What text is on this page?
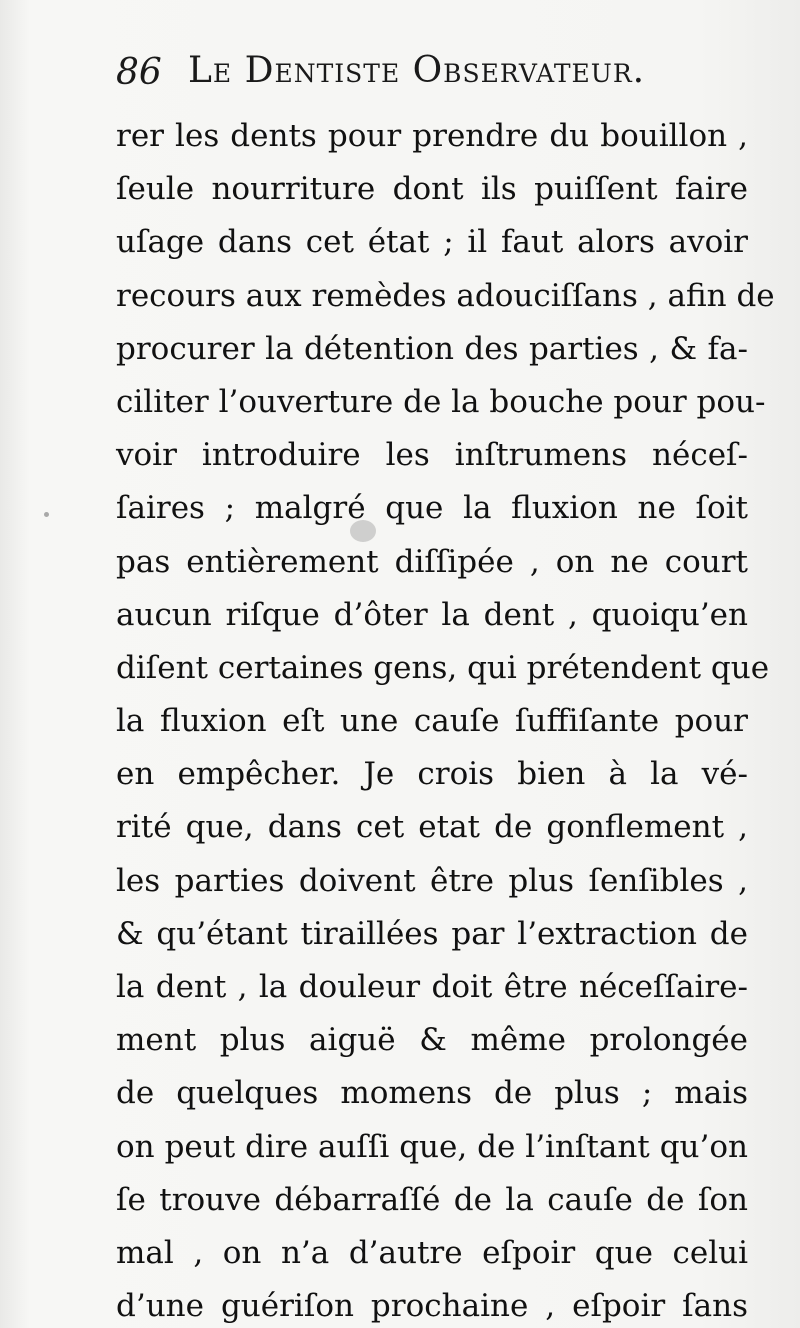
86 Le Dentiste Observateur.
rer les dents pour prendre du bouillon ,
ſeule nourriture dont ils puiſſent faire
uſage dans cet état ; il faut alors avoir
recours aux remèdes adouciſſans , afin de
procurer la détention des parties , & fa-
ciliter l’ouverture de la bouche pour pou-
voir introduire les inſtrumens néceſ-
ſaires ; malgré que la fluxion ne ſoit
pas entièrement diſſipée , on ne court
aucun riſque d’ôter la dent , quoiqu’en
diſent certaines gens, qui prétendent que
la fluxion eſt une cauſe ſuffiſante pour
en empêcher. Je crois bien à la vé-
rité que, dans cet etat de gonflement ,
les parties doivent être plus ſenſibles ,
& qu’étant tiraillées par l’extraction de
la dent , la douleur doit être néceſſaire-
ment plus aiguë & même prolongée
de quelques momens de plus ; mais
on peut dire auſſi que, de l’inſtant qu’on
ſe trouve débarraſſé de la cauſe de ſon
mal , on n’a d’autre eſpoir que celui
d’une guériſon prochaine , eſpoir ſans
